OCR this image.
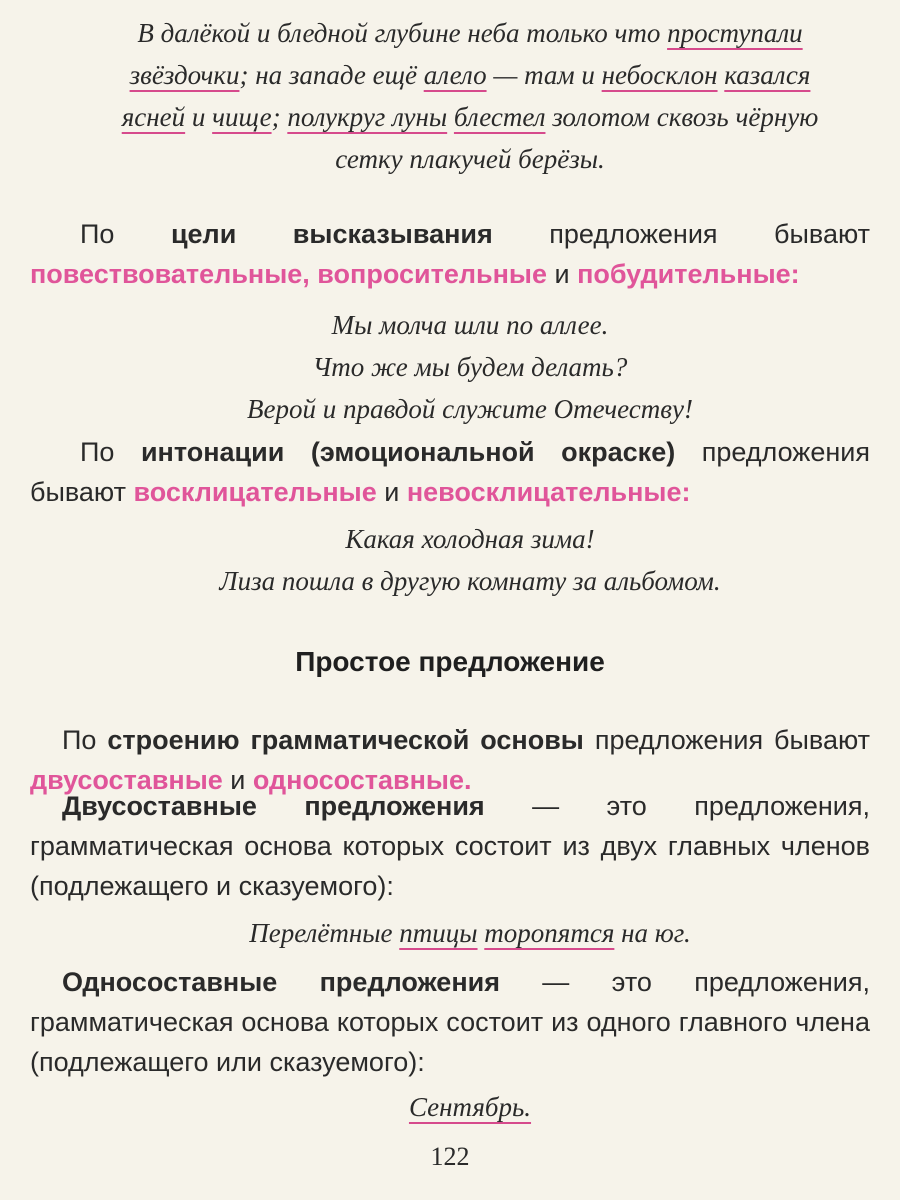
В далёкой и бледной глубине неба только что проступали
звёздочки; на западе ещё алело — там и небосклон казался
ясней и чище; полукруг луны блестел золотом сквозь чёрную
сетку плакучей берёзы.
По цели высказывания предложения бывают повествовательные, вопросительные и побудительные:
Мы молча шли по аллее.
Что же мы будем делать?
Верой и правдой служите Отечеству!
По интонации (эмоциональной окраске) предложения бывают восклицательные и невосклицательные:
Какая холодная зима!
Лиза пошла в другую комнату за альбомом.
Простое предложение
По строению грамматической основы предложения бывают двусоставные и односоставные.
Двусоставные предложения — это предложения, грамматическая основа которых состоит из двух главных членов (подлежащего и сказуемого):
Перелётные птицы торопятся на юг.
Односоставные предложения — это предложения, грамматическая основа которых состоит из одного главного члена (подлежащего или сказуемого):
Сентябрь.
122
